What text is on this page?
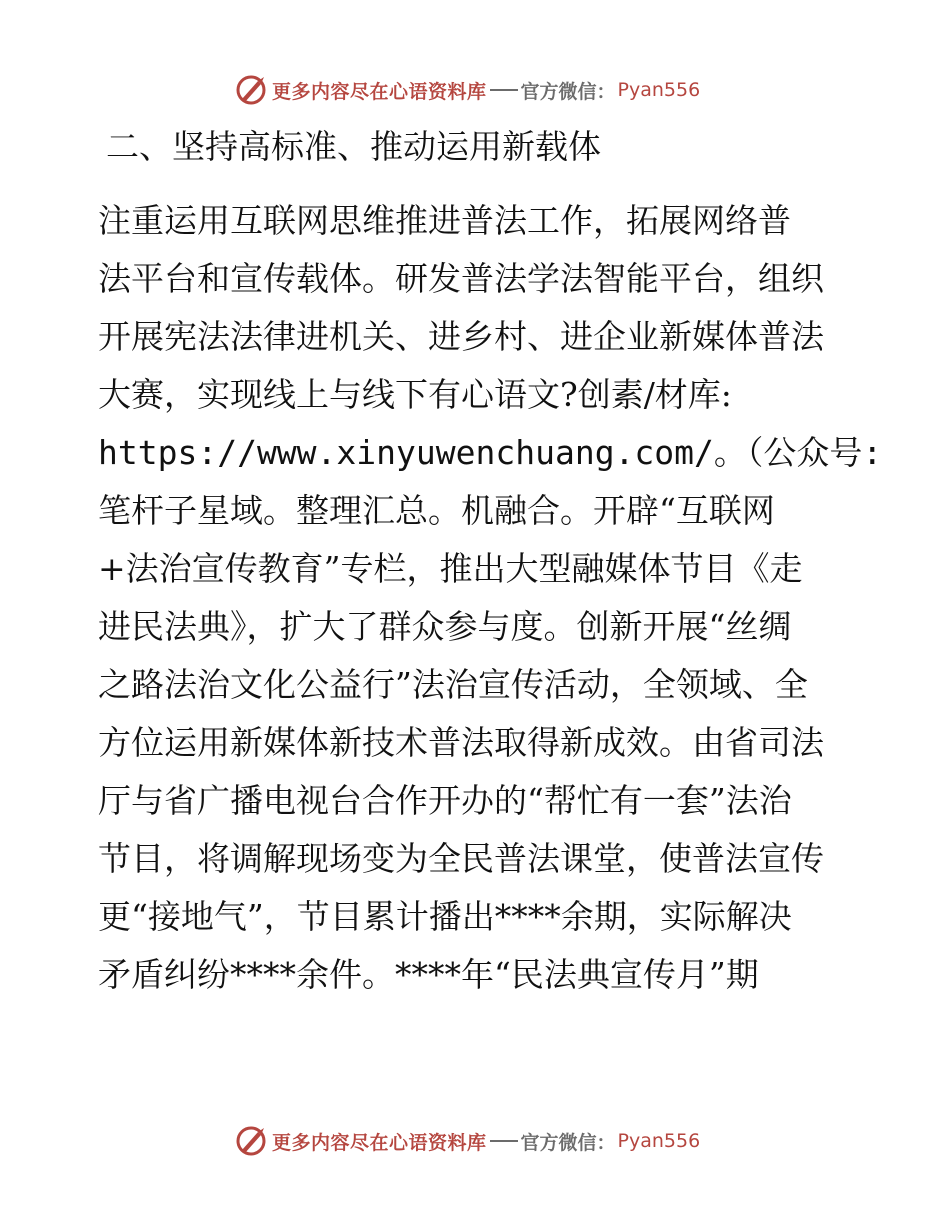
更多内容尽在心语资料库 官方微信： Pyan556
二、坚持高标准、推动运用新载体
注重运用互联网思维推进普法工作，拓展网络普
法平台和宣传载体。研发普法学法智能平台，组织
开展宪法法律进机关、进乡村、进企业新媒体普法
大赛，实现线上与线下有心语文?创素/材库:
https://www.xinyuwenchuang.com/。（公众号:
笔杆子星域。整理汇总。机融合。开辟“互联网
+法治宣传教育”专栏，推出大型融媒体节目《走
进民法典》，扩大了群众参与度。创新开展“丝绸
之路法治文化公益行”法治宣传活动，全领域、全
方位运用新媒体新技术普法取得新成效。由省司法
厅与省广播电视台合作开办的“帮忙有一套”法治
节目，将调解现场变为全民普法课堂，使普法宣传
更“接地气”，节目累计播出****余期，实际解决
矛盾纠纷****余件。****年“民法典宣传月”期
更多内容尽在心语资料库 官方微信： Pyan556
